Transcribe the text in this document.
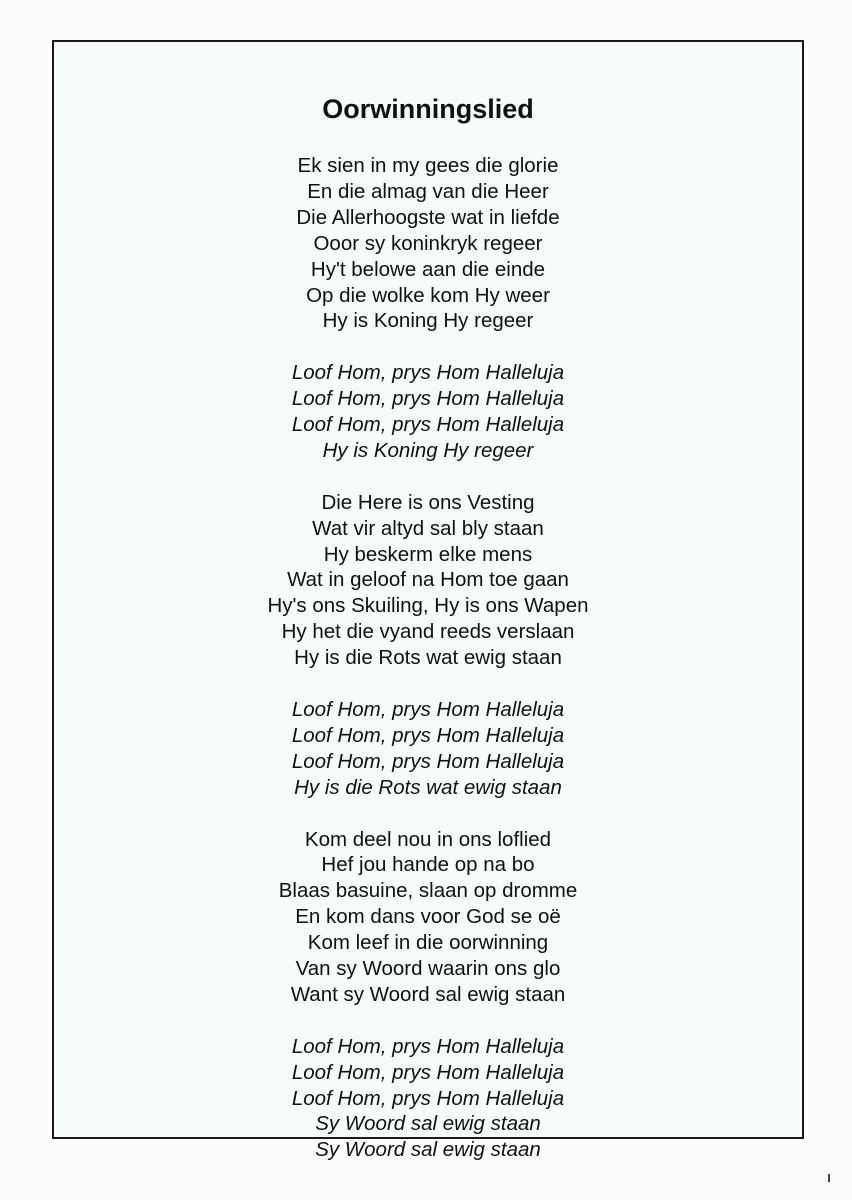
Oorwinningslied
Ek sien in my gees die glorie
En die almag van die Heer
Die Allerhoogste wat in liefde
Ooor sy koninkryk regeer
Hy't belowe aan die einde
Op die wolke kom Hy weer
Hy is Koning Hy regeer
Loof Hom, prys Hom Halleluja
Loof Hom, prys Hom Halleluja
Loof Hom, prys Hom Halleluja
Hy is Koning Hy regeer
Die Here is ons Vesting
Wat vir altyd sal bly staan
Hy beskerm elke mens
Wat in geloof na Hom toe gaan
Hy's ons Skuiling, Hy is ons Wapen
Hy het die vyand reeds verslaan
Hy is die Rots wat ewig staan
Loof Hom, prys Hom Halleluja
Loof Hom, prys Hom Halleluja
Loof Hom, prys Hom Halleluja
Hy is die Rots wat ewig staan
Kom deel nou in ons loflied
Hef jou hande op na bo
Blaas basuine, slaan op dromme
En kom dans voor God se oë
Kom leef in die oorwinning
Van sy Woord waarin ons glo
Want sy Woord sal ewig staan
Loof Hom, prys Hom Halleluja
Loof Hom, prys Hom Halleluja
Loof Hom, prys Hom Halleluja
Sy Woord sal ewig staan
Sy Woord sal ewig staan
